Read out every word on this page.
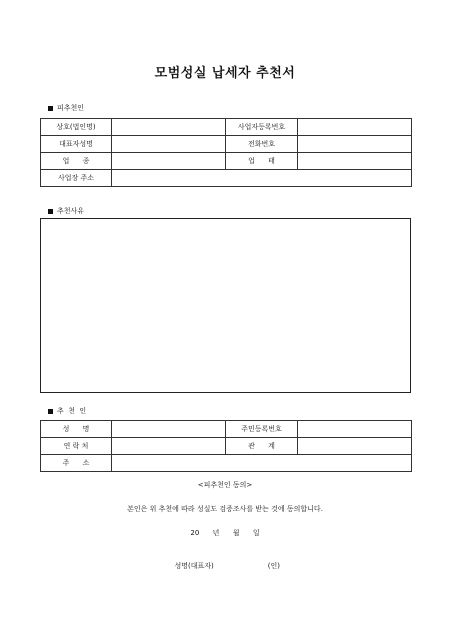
모범성실 납세자 추천서
피추천인
상호(법인명)		사업자등록번호	
대표자성명		전화번호	
업      종		업      태	
사업장 주소			
추천사유
추  천  인
성      명		주민등록번호	
연 락 처		관      계	
주      소			
<피추천인 동의>
본인은 위 추천에 따라 성실도 검증조사를 받는 것에 동의합니다.
20      년      월      일

성명(대표자)	(인)
